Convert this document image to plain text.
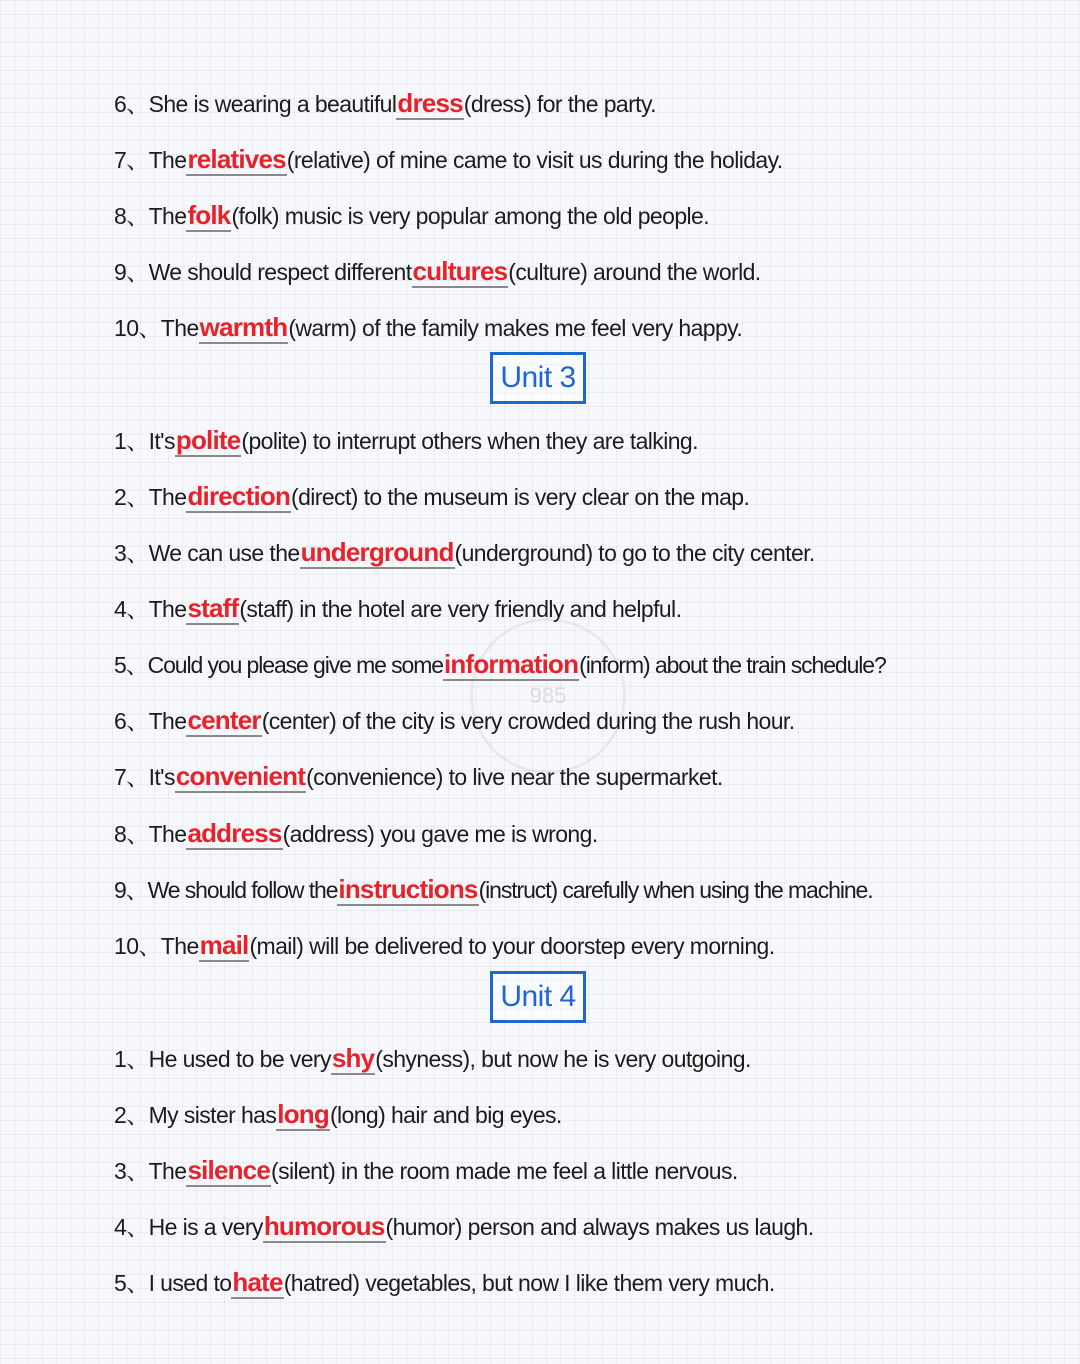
985
6、She is wearing a beautifuldress(dress) for the party.
7、Therelatives(relative) of mine came to visit us during the holiday.
8、Thefolk(folk) music is very popular among the old people.
9、We should respect differentcultures(culture) around the world.
10、Thewarmth(warm) of the family makes me feel very happy.
Unit 3
1、It'spolite(polite) to interrupt others when they are talking.
2、Thedirection(direct) to the museum is very clear on the map.
3、We can use theunderground(underground) to go to the city center.
4、Thestaff(staff) in the hotel are very friendly and helpful.
5、Could you please give me someinformation(inform) about the train schedule?
6、Thecenter(center) of the city is very crowded during the rush hour.
7、It'sconvenient(convenience) to live near the supermarket.
8、Theaddress(address) you gave me is wrong.
9、We should follow theinstructions(instruct) carefully when using the machine.
10、Themail(mail) will be delivered to your doorstep every morning.
Unit 4
1、He used to be veryshy(shyness), but now he is very outgoing.
2、My sister haslong(long) hair and big eyes.
3、Thesilence(silent) in the room made me feel a little nervous.
4、He is a veryhumorous(humor) person and always makes us laugh.
5、I used tohate(hatred) vegetables, but now I like them very much.
